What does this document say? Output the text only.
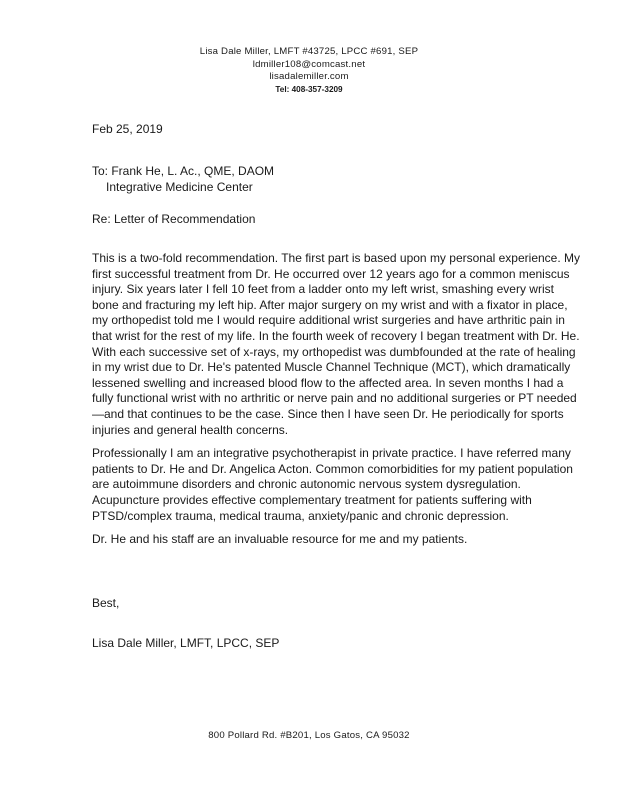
Lisa Dale Miller, LMFT #43725, LPCC #691, SEP
ldmiller108@comcast.net
lisadalemiller.com
Tel: 408-357-3209
Feb 25, 2019
To: Frank He, L. Ac., QME, DAOM
Integrative Medicine Center
Re: Letter of Recommendation

This is a two-fold recommendation. The first part is based upon my personal experience. My first successful treatment from Dr. He occurred over 12 years ago for a common meniscus injury. Six years later I fell 10 feet from a ladder onto my left wrist, smashing every wrist bone and fracturing my left hip. After major surgery on my wrist and with a fixator in place, my orthopedist told me I would require additional wrist surgeries and have arthritic pain in that wrist for the rest of my life. In the fourth week of recovery I began treatment with Dr. He. With each successive set of x-rays, my orthopedist was dumbfounded at the rate of healing in my wrist due to Dr. He's patented Muscle Channel Technique (MCT), which dramatically lessened swelling and increased blood flow to the affected area. In seven months I had a fully functional wrist with no arthritic or nerve pain and no additional surgeries or PT needed—and that continues to be the case. Since then I have seen Dr. He periodically for sports injuries and general health concerns.

Professionally I am an integrative psychotherapist in private practice. I have referred many patients to Dr. He and Dr. Angelica Acton. Common comorbidities for my patient population are autoimmune disorders and chronic autonomic nervous system dysregulation. Acupuncture provides effective complementary treatment for patients suffering with PTSD/complex trauma, medical trauma, anxiety/panic and chronic depression.

Dr. He and his staff are an invaluable resource for me and my patients.

Best,
Lisa Dale Miller, LMFT, LPCC, SEP
800 Pollard Rd. #B201, Los Gatos, CA 95032
